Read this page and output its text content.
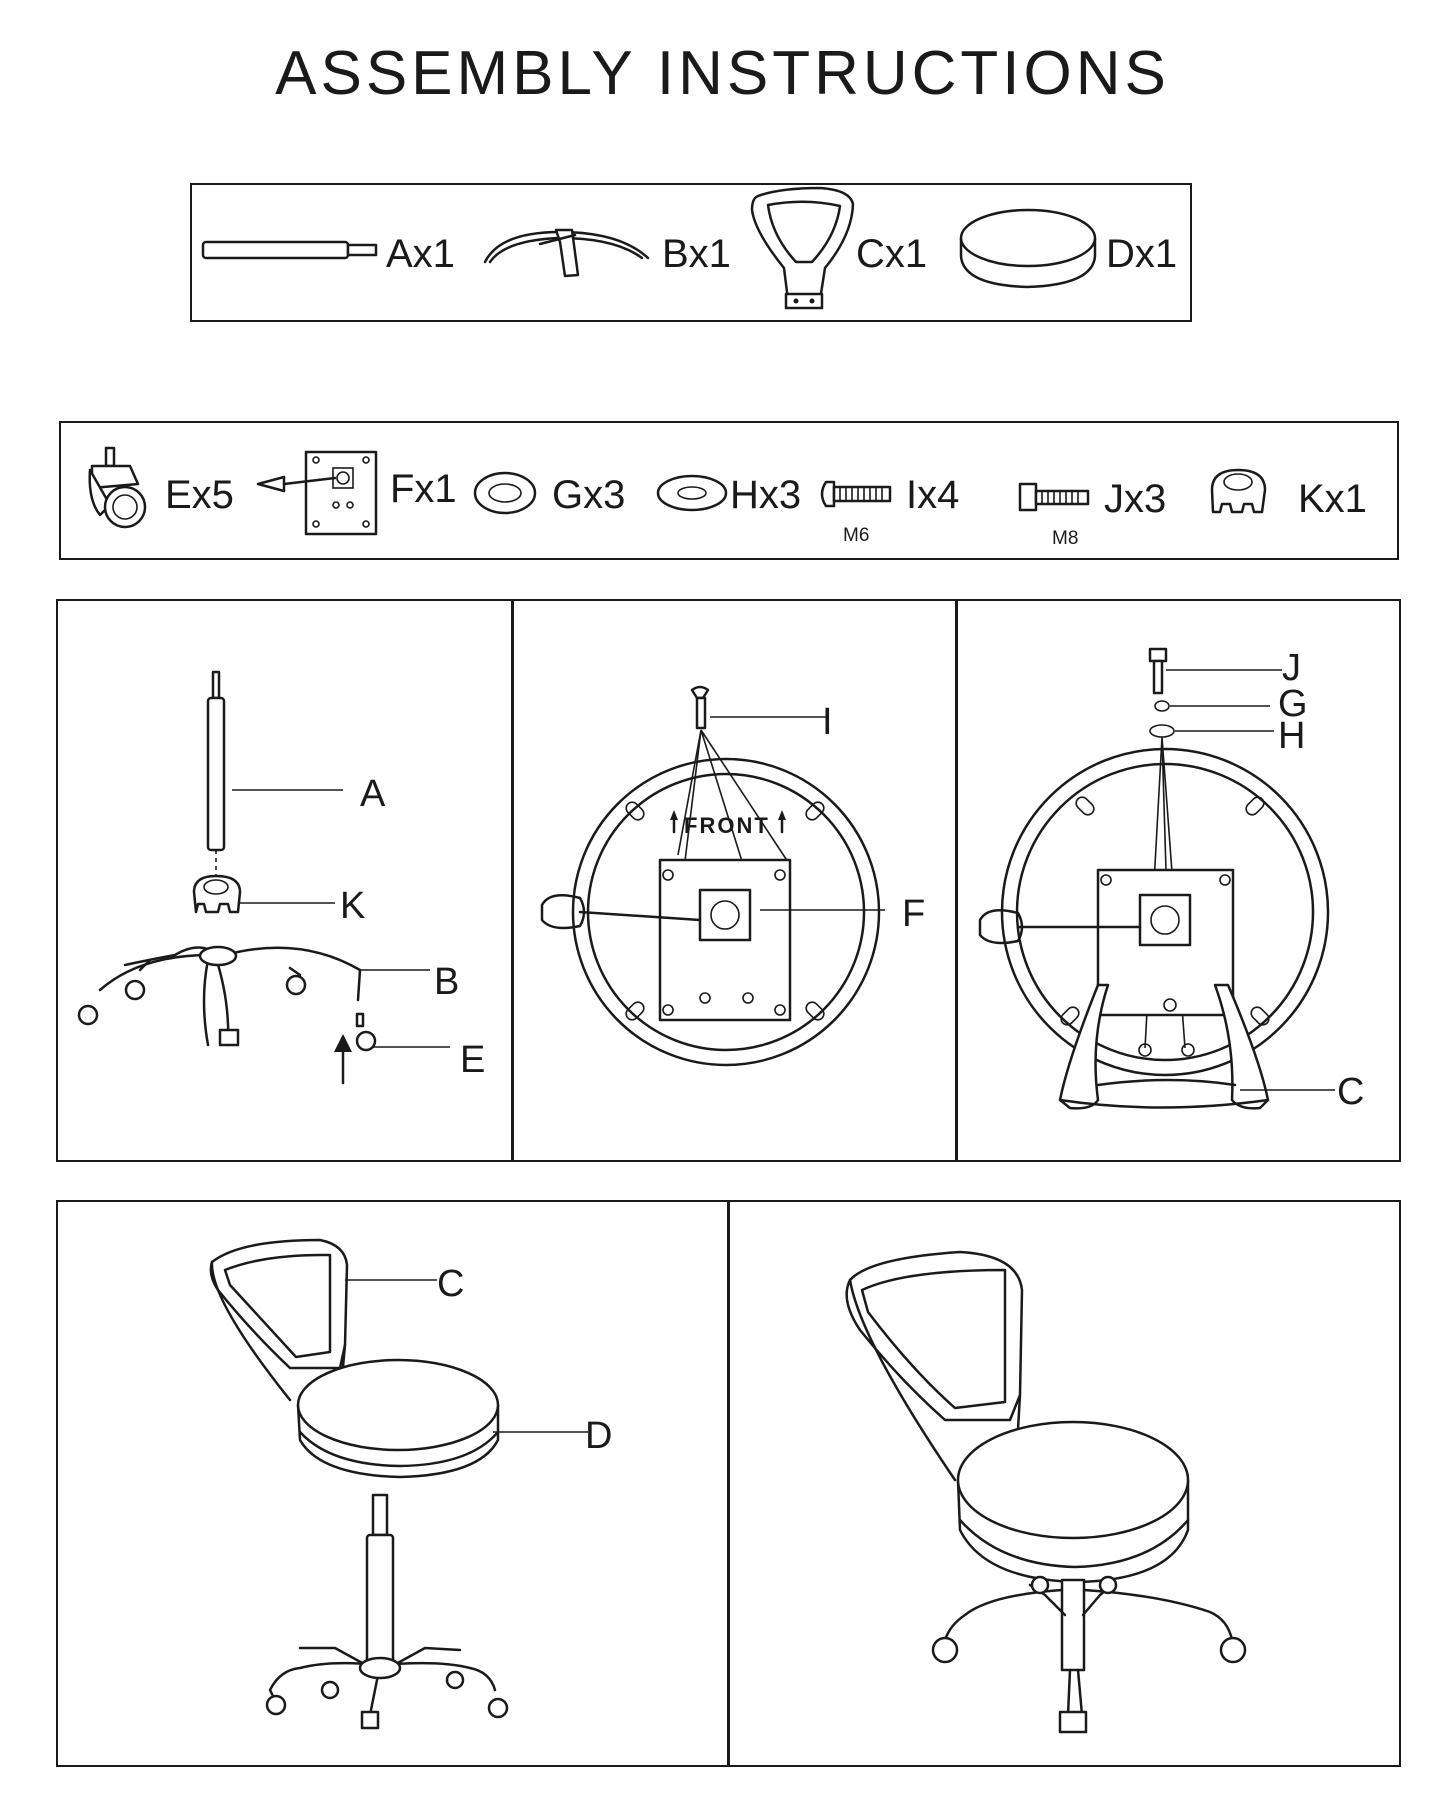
ASSEMBLY INSTRUCTIONS
Ax1	Bx1	Cx1	Dx1
Ex5	Fx1 Gx3	Hx3	Ix4
M6
Jx3
M8
Kx1
A
K
B
E
FRONT
I
F
J
G
H
C
C
D
